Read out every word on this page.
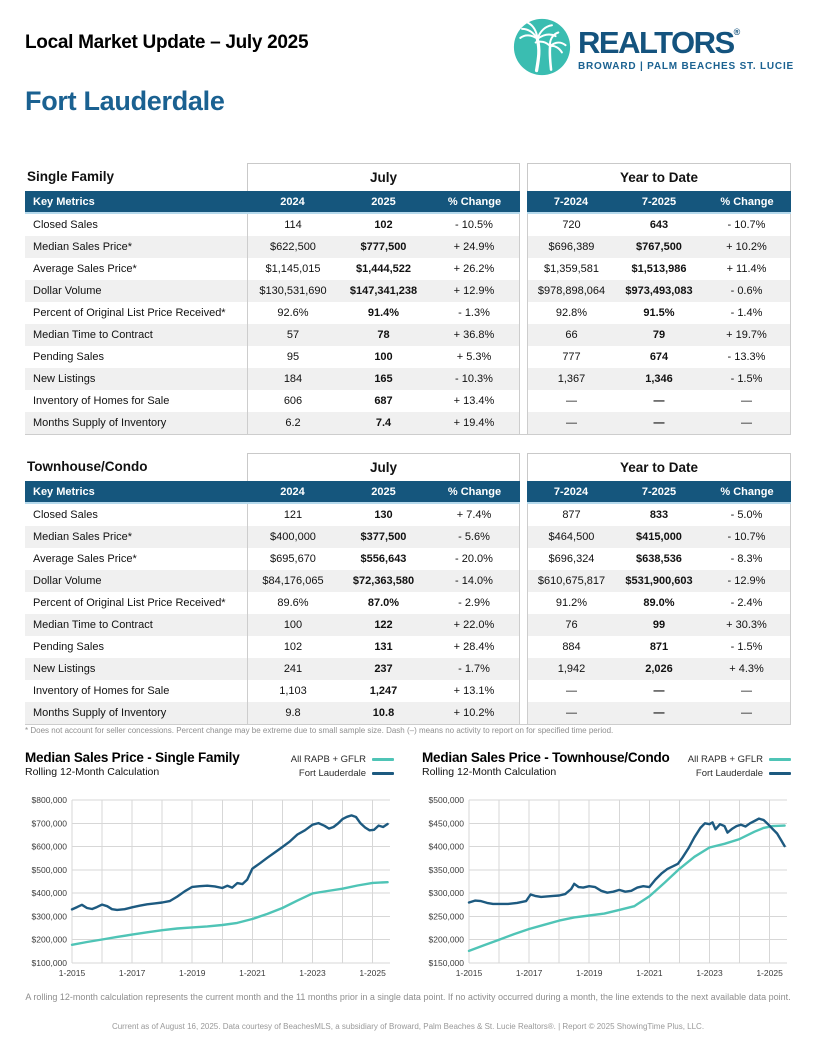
Local Market Update – July 2025	REALTORS ®
BROWARD | PALM BEACHES ST. LUCIE
Fort Lauderdale
Single Family	July	Year to Date
Key Metrics	2024	2025	% Change	7-2024	7-2025	% Change
Closed Sales	114	102	- 10.5%	720	643	- 10.7%
Median Sales Price*	$622,500	$777,500	+ 24.9%	$696,389	$767,500	+ 10.2%
Average Sales Price*	$1,145,015	$1,444,522	+ 26.2%	$1,359,581	$1,513,986	+ 11.4%
Dollar Volume	$130,531,690	$147,341,238	+ 12.9%	$978,898,064	$973,493,083	- 0.6%
Percent of Original List Price Received*	92.6%	91.4%	- 1.3%	92.8%	91.5%	- 1.4%
Median Time to Contract	57	78	+ 36.8%	66	79	+ 19.7%
Pending Sales	95	100	+ 5.3%	777	674	- 13.3%
New Listings	184	165	- 10.3%	1,367	1,346	- 1.5%
Inventory of Homes for Sale	606	687	+ 13.4%	—	—	—
Months Supply of Inventory	6.2	7.4	+ 19.4%	—	—	—
Townhouse/Condo	July	Year to Date
Key Metrics	2024	2025	% Change	7-2024	7-2025	% Change
Closed Sales	121	130	+ 7.4%	877	833	- 5.0%
Median Sales Price*	$400,000	$377,500	- 5.6%	$464,500	$415,000	- 10.7%
Average Sales Price*	$695,670	$556,643	- 20.0%	$696,324	$638,536	- 8.3%
Dollar Volume	$84,176,065	$72,363,580	- 14.0%	$610,675,817	$531,900,603	- 12.9%
Percent of Original List Price Received*	89.6%	87.0%	- 2.9%	91.2%	89.0%	- 2.4%
Median Time to Contract	100	122	+ 22.0%	76	99	+ 30.3%
Pending Sales	102	131	+ 28.4%	884	871	- 1.5%
New Listings	241	237	- 1.7%	1,942	2,026	+ 4.3%
Inventory of Homes for Sale	1,103	1,247	+ 13.1%	—	—	—
Months Supply of Inventory	9.8	10.8	+ 10.2%	—	—	—
* Does not account for seller concessions. Percent change may be extreme due to small sample size. Dash (–) means no activity to report on for specified time period.
Median Sales Price - Single Family
Rolling 12-Month Calculation
All RAPB + GFLR
Fort Lauderdale
$100,000
$200,000
$300,000
$400,000
$500,000
$600,000
$700,000
$800,000
1-2015	1-2017	1-2019	1-2021	1-2023	1-2025
Median Sales Price - Townhouse/Condo
Rolling 12-Month Calculation
All RAPB + GFLR
Fort Lauderdale
$150,000
$200,000
$250,000
$300,000
$350,000
$400,000
$450,000
$500,000
1-2015	1-2017	1-2019	1-2021	1-2023	1-2025
A rolling 12-month calculation represents the current month and the 11 months prior in a single data point. If no activity occurred during a month, the line extends to the next available data point.
Current as of August 16, 2025. Data courtesy of BeachesMLS, a subsidiary of Broward, Palm Beaches & St. Lucie Realtors®. | Report © 2025 ShowingTime Plus, LLC.
